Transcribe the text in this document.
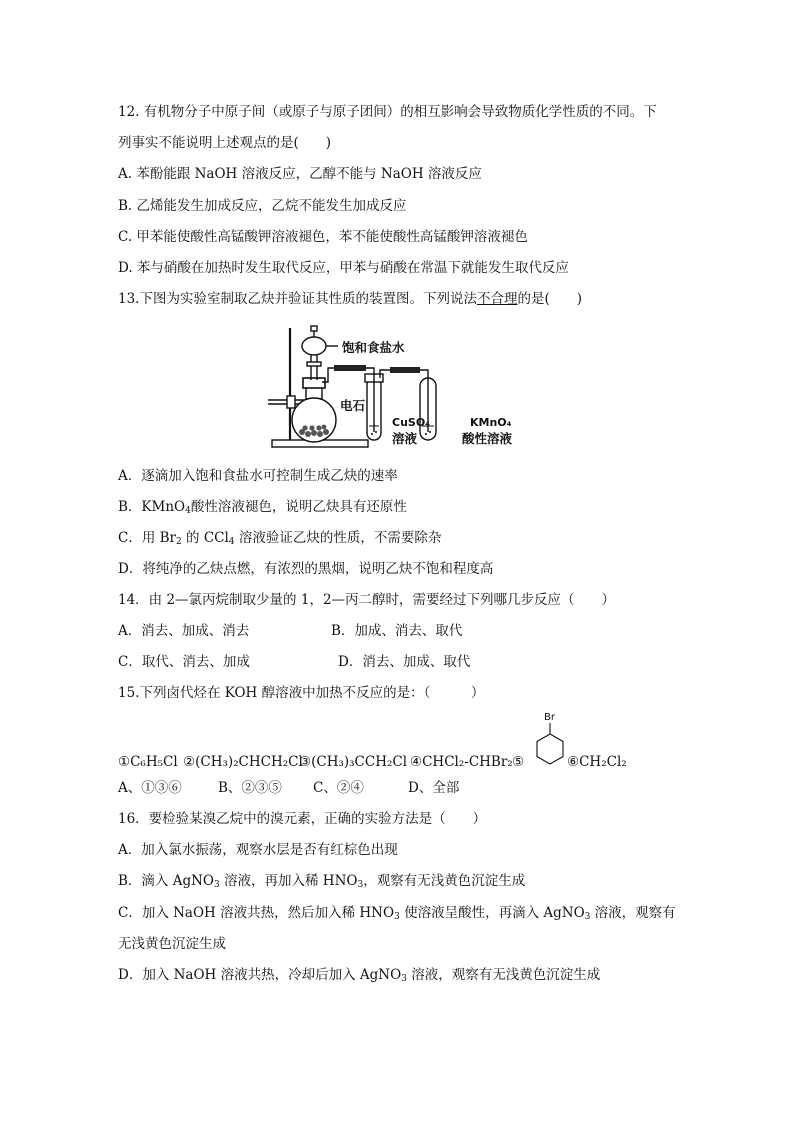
12. 有机物分子中原子间（或原子与原子团间）的相互影响会导致物质化学性质的不同。下
列事实不能说明上述观点的是(　　)
A. 苯酚能跟 NaOH 溶液反应，乙醇不能与 NaOH 溶液反应
B. 乙烯能发生加成反应，乙烷不能发生加成反应
C. 甲苯能使酸性高锰酸钾溶液褪色，苯不能使酸性高锰酸钾溶液褪色
D. 苯与硝酸在加热时发生取代反应，甲苯与硝酸在常温下就能发生取代反应
13.下图为实验室制取乙炔并验证其性质的装置图。下列说法不合理的是(　　)
饱和食盐水
电石
CuSO₄
溶液
KMnO₄
酸性溶液
A．逐滴加入饱和食盐水可控制生成乙炔的速率
B．KMnO$_4$酸性溶液褪色，说明乙炔具有还原性
C．用 $Br_2$ 的 CCl$_4$ 溶液验证乙炔的性质，不需要除杂
D．将纯净的乙炔点燃，有浓烈的黑烟，说明乙炔不饱和程度高
14．由 2—氯丙烷制取少量的 1，2—丙二醇时，需要经过下列哪几步反应（　　）
A．消去、加成、消去	B．加成、消去、取代
C．取代、消去、加成	D．消去、加成、取代
15.下列卤代烃在 KOH 醇溶液中加热不反应的是：（　　　）
①C₆H₅Cl ②(CH₃)₂CHCH₂Cl
③(CH₃)₃CCH₂Cl ④CHCl₂-CHBr₂ ⑤
Br
⑥CH₂Cl₂
A、①③⑥	B、②③⑤ C、②④	D、全部
16．要检验某溴乙烷中的溴元素，正确的实验方法是（　　）
A．加入氯水振荡，观察水层是否有红棕色出现
B．滴入 AgNO$_3$ 溶液，再加入稀 $HNO_3$，观察有无浅黄色沉淀生成
C．加入 NaOH 溶液共热，然后加入稀 $HNO_3$ 使溶液呈酸性，再滴入 AgNO$_3$ 溶液，观察有
无浅黄色沉淀生成
D．加入 NaOH 溶液共热，冷却后加入 AgNO$_3$ 溶液，观察有无浅黄色沉淀生成
